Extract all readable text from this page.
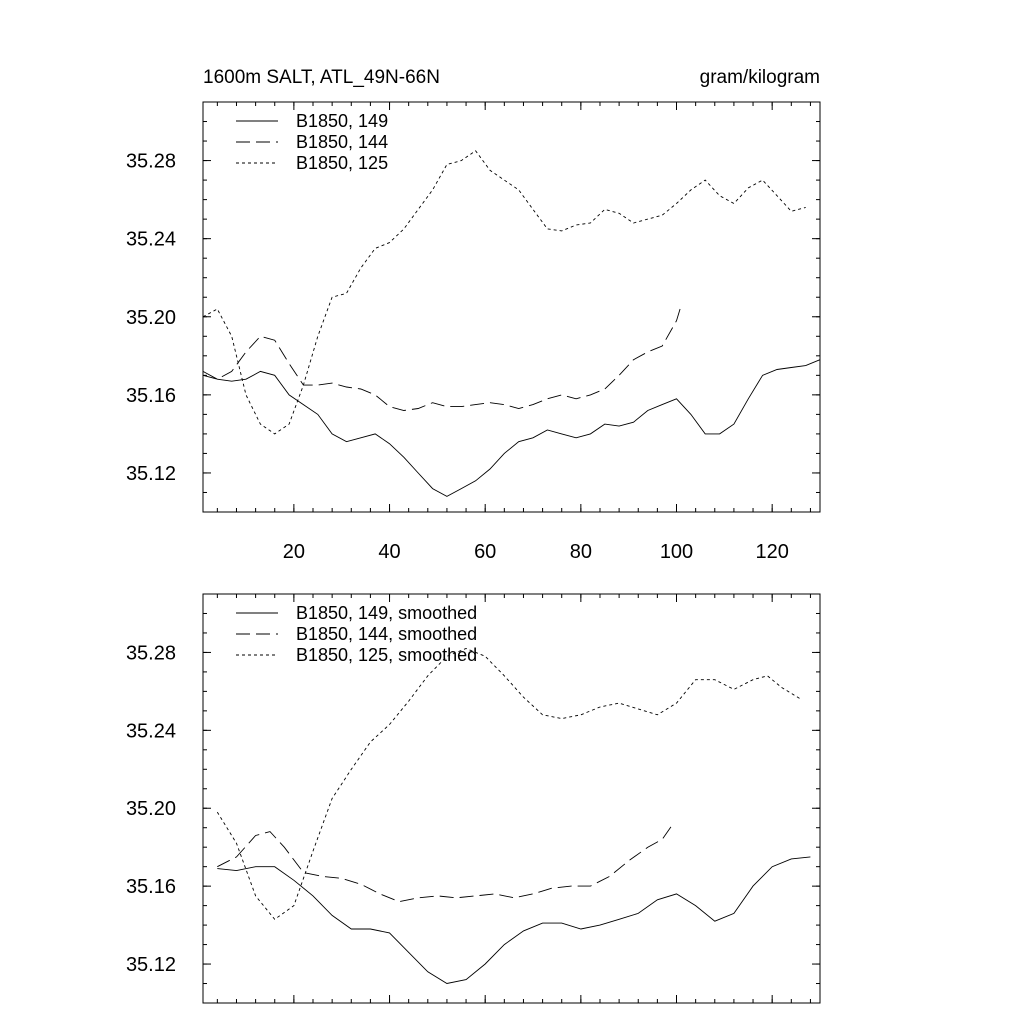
1600m SALT, ATL_49N-66N	gram/kilogram
35.12
35.16
35.20
35.24
35.28
20	40	60	80	100	120
B1850, 149
B1850, 144
B1850, 125
35.12
35.16
35.20
35.24
35.28
B1850, 149, smoothed
B1850, 144, smoothed
B1850, 125, smoothed
